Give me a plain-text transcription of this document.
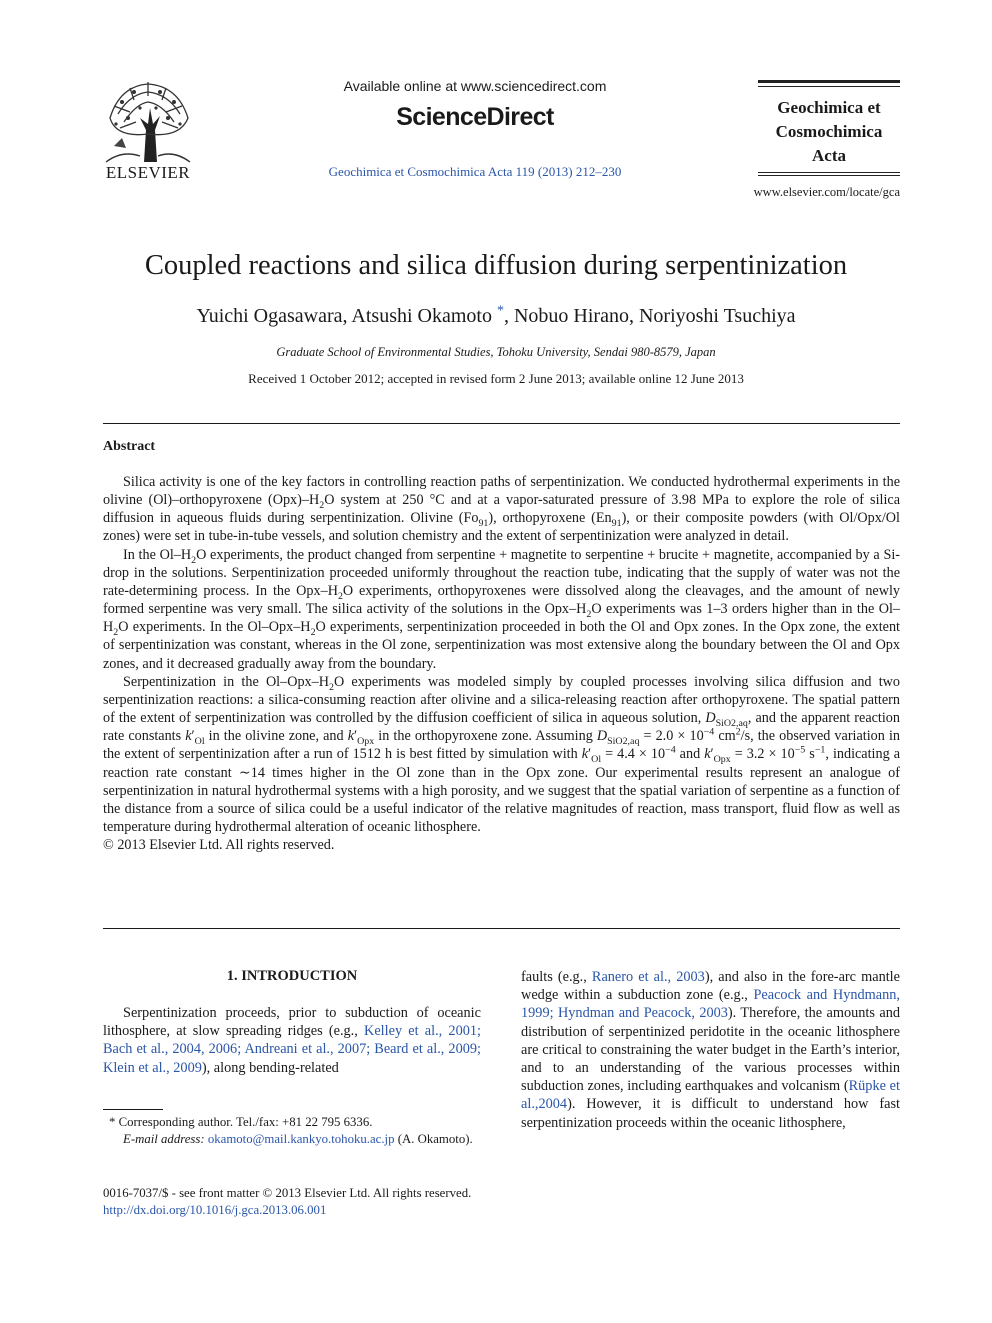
ELSEVIER
Available online at www.sciencedirect.com
ScienceDirect
Geochimica et Cosmochimica Acta 119 (2013) 212–230
Geochimica et
Cosmochimica
Acta
www.elsevier.com/locate/gca
Coupled reactions and silica diffusion during serpentinization
Yuichi Ogasawara, Atsushi Okamoto *, Nobuo Hirano, Noriyoshi Tsuchiya
Graduate School of Environmental Studies, Tohoku University, Sendai 980-8579, Japan
Received 1 October 2012; accepted in revised form 2 June 2013; available online 12 June 2013
Abstract

Silica activity is one of the key factors in controlling reaction paths of serpentinization. We conducted hydrothermal experiments in the olivine (Ol)–orthopyroxene $(Opx)-H_2O$ system at 250 °C and at a vapor-saturated pressure of 3.98 MPa to explore the role of silica diffusion in aqueous fluids during serpentinization. Olivine $(Fo_{91})$, orthopyroxene $(En_{91})$, or their composite powders (with Ol/Opx/Ol zones) were set in tube-in-tube vessels, and solution chemistry and the extent of serpentinization were analyzed in detail.

In the $Ol-H_2O$ experiments, the product changed from serpentine + magnetite to serpentine + brucite + magnetite, accompanied by a Si-drop in the solutions. Serpentinization proceeded uniformly throughout the reaction tube, indicating that the supply of water was not the rate-determining process. In the Opx–$H_2O$ experiments, orthopyroxenes were dissolved along the cleavages, and the amount of newly formed serpentine was very small. The silica activity of the solutions in the Opx–$H_2O$ experiments was 1–3 orders higher than in the $Ol-H_2O$ experiments. In the $Ol-Opx-H_2O$ experiments, serpentinization proceeded in both the Ol and Opx zones. In the Opx zone, the extent of serpentinization was constant, whereas in the Ol zone, serpentinization was most extensive along the boundary between the Ol and Opx zones, and it decreased gradually away from the boundary.

Serpentinization in the $Ol-Opx-H_2O$ experiments was modeled simply by coupled processes involving silica diffusion and two serpentinization reactions: a silica-consuming reaction after olivine and a silica-releasing reaction after orthopyroxene. The spatial pattern of the extent of serpentinization was controlled by the diffusion coefficient of silica in aqueous solution, $D_{SiO2,aq}$, and the apparent reaction rate constants $k'_{Ol}$ in the olivine zone, and $k'_{Opx}$ in the orthopyroxene zone. Assuming $D_{SiO2,aq} = 2.0 \times 10^{-4}$ $cm^2/s$, the observed variation in the extent of serpentinization after a run of 1512 h is best fitted by simulation with $k'_{Ol} = 4.4 \times 10^{-4}$ and $k'_{Opx} = 3.2 \times 10^{-5}$ $s^{-1}$, indicating a reaction rate constant ∼14 times higher in the Ol zone than in the Opx zone. Our experimental results represent an analogue of serpentinization in natural hydrothermal systems with a high porosity, and we suggest that the spatial variation of serpentine as a function of the distance from a source of silica could be a useful indicator of the relative magnitudes of reaction, mass transport, fluid flow as well as temperature during hydrothermal alteration of oceanic lithosphere.

© 2013 Elsevier Ltd. All rights reserved.
1. INTRODUCTION

Serpentinization proceeds, prior to subduction of oceanic lithosphere, at slow spreading ridges (e.g., Kelley et al., 2001; Bach et al., 2004, 2006; Andreani et al., 2007; Beard et al., 2009; Klein et al., 2009), along bending-related

faults (e.g., Ranero et al., 2003), and also in the fore-arc mantle wedge within a subduction zone (e.g., Peacock and Hyndmann, 1999; Hyndman and Peacock, 2003). Therefore, the amounts and distribution of serpentinized peridotite in the oceanic lithosphere are critical to constraining the water budget in the Earth’s interior, and to an understanding of the various processes within subduction zones, including earthquakes and volcanism (Rüpke et al.,2004). However, it is difficult to understand how fast serpentinization proceeds within the oceanic lithosphere,
* Corresponding author. Tel./fax: +81 22 795 6336.
E-mail address: okamoto@mail.kankyo.tohoku.ac.jp (A. Okamoto).
0016-7037/$ - see front matter © 2013 Elsevier Ltd. All rights reserved.
http://dx.doi.org/10.1016/j.gca.2013.06.001
